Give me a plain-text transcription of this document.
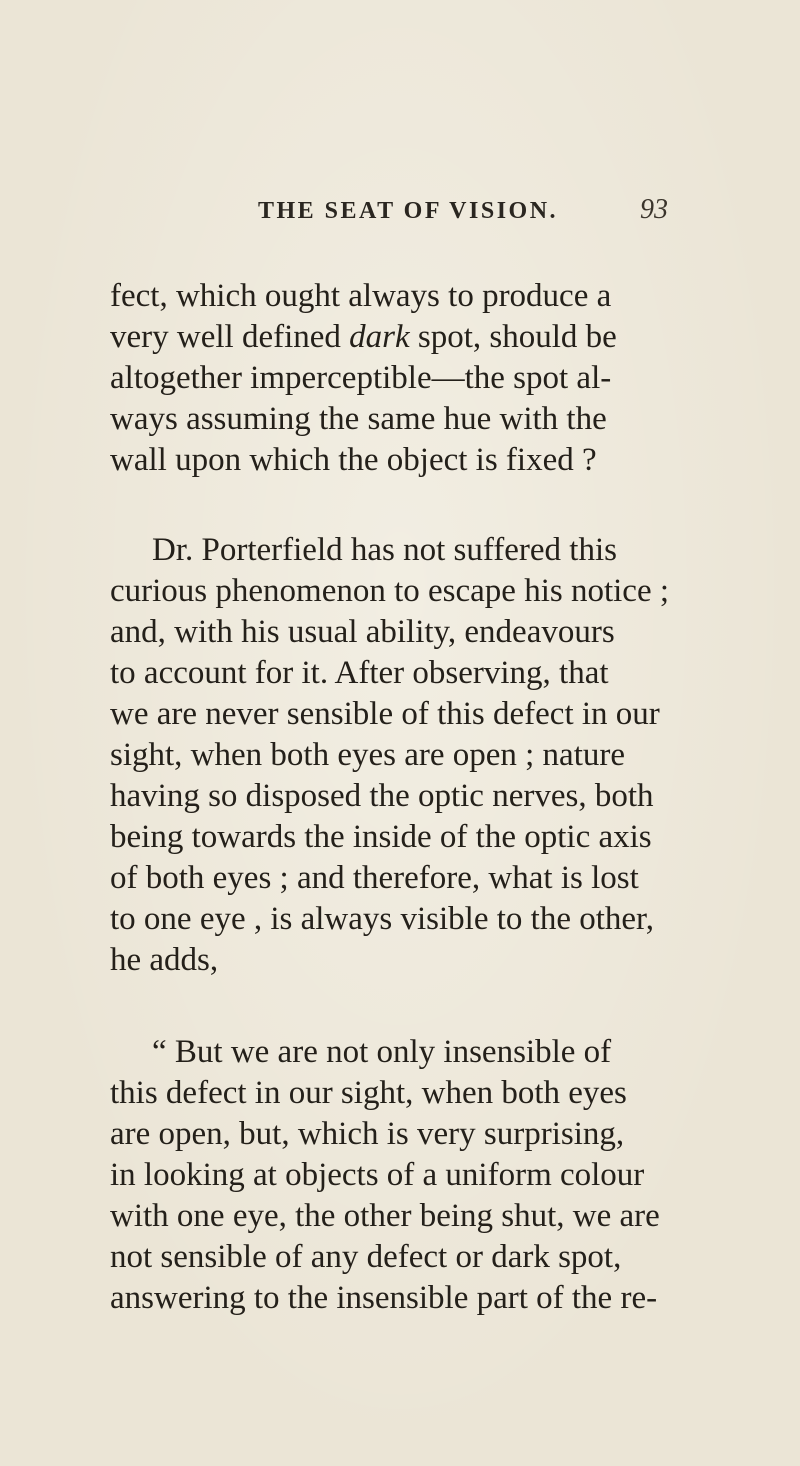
THE SEAT OF VISION.	93
fect, which ought always to produce a
very well defined dark spot, should be
altogether imperceptible—the spot al-
ways assuming the same hue with the
wall upon which the object is fixed ?
Dr. Porterfield has not suffered this
curious phenomenon to escape his notice ;
and, with his usual ability, endeavours
to account for it. After observing, that
we are never sensible of this defect in our
sight, when both eyes are open ; nature
having so disposed the optic nerves, both
being towards the inside of the optic axis
of both eyes ; and therefore, what is lost
to one eye , is always visible to the other,
he adds,
“ But we are not only insensible of
this defect in our sight, when both eyes
are open, but, which is very surprising,
in looking at objects of a uniform colour
with one eye, the other being shut, we are
not sensible of any defect or dark spot,
answering to the insensible part of the re-
